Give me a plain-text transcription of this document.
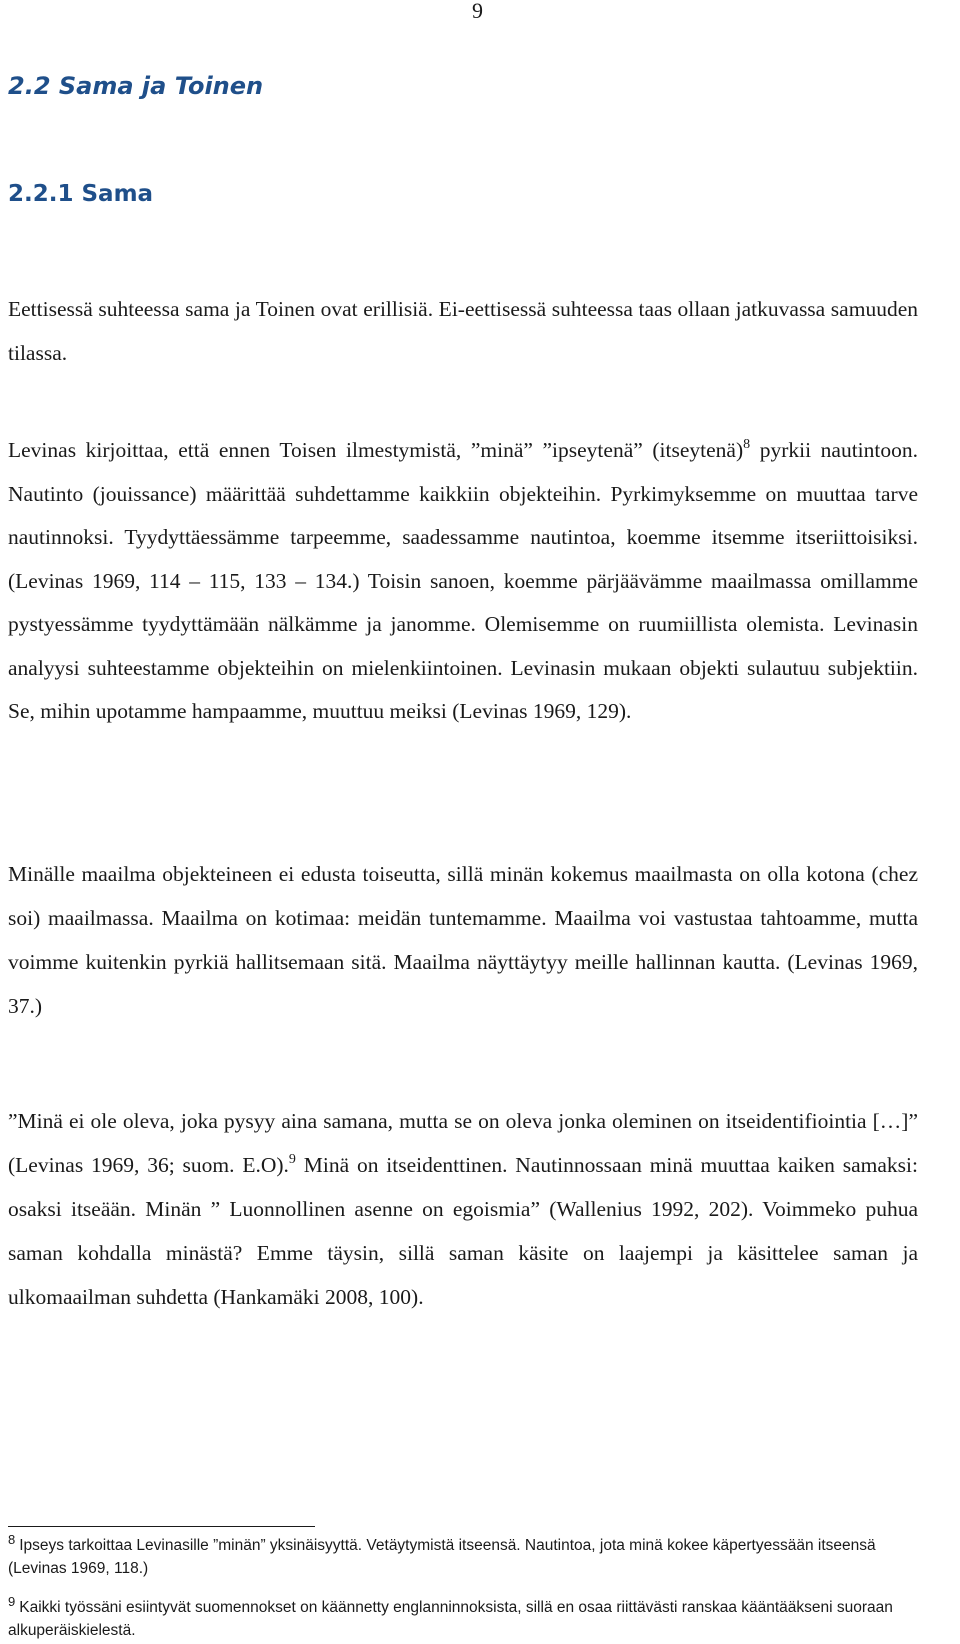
9
2.2 Sama ja Toinen
2.2.1 Sama

Eettisessä suhteessa sama ja Toinen ovat erillisiä. Ei-eettisessä suhteessa taas ollaan jatkuvassa samuuden tilassa.

Levinas kirjoittaa, että ennen Toisen ilmestymistä, ”minä” ”ipseytenä” (itseytenä)$^8$ pyrkii nautintoon. Nautinto (jouissance) määrittää suhdettamme kaikkiin objekteihin. Pyrkimyksemme on muuttaa tarve nautinnoksi. Tyydyttäessämme tarpeemme, saadessamme nautintoa, koemme itsemme itseriittoisiksi. (Levinas 1969, 114 – 115, 133 – 134.) Toisin sanoen, koemme pärjäävämme maailmassa omillamme pystyessämme tyydyttämään nälkämme ja janomme. Olemisemme on ruumiillista olemista. Levinasin analyysi suhteestamme objekteihin on mielenkiintoinen. Levinasin mukaan objekti sulautuu subjektiin. Se, mihin upotamme hampaamme, muuttuu meiksi (Levinas 1969, 129).

Minälle maailma objekteineen ei edusta toiseutta, sillä minän kokemus maailmasta on olla kotona (chez soi) maailmassa. Maailma on kotimaa: meidän tuntemamme. Maailma voi vastustaa tahtoamme, mutta voimme kuitenkin pyrkiä hallitsemaan sitä. Maailma näyttäytyy meille hallinnan kautta. (Levinas 1969, 37.)

”Minä ei ole oleva, joka pysyy aina samana, mutta se on oleva jonka oleminen on itseidentifiointia […]” (Levinas 1969, 36; suom. E.O).$^9$ Minä on itseidenttinen. Nautinnossaan minä muuttaa kaiken samaksi: osaksi itseään. Minän ” Luonnollinen asenne on egoismia” (Wallenius 1992, 202). Voimmeko puhua saman kohdalla minästä? Emme täysin, sillä saman käsite on laajempi ja käsittelee saman ja ulkomaailman suhdetta (Hankamäki 2008, 100).

$^8$ Ipseys tarkoittaa Levinasille ”minän” yksinäisyyttä. Vetäytymistä itseensä. Nautintoa, jota minä kokee käpertyessään itseensä (Levinas 1969, 118.)

$^9$ Kaikki työssäni esiintyvät suomennokset on käännetty englanninnoksista, sillä en osaa riittävästi ranskaa kääntääkseni suoraan alkuperäiskielestä.
